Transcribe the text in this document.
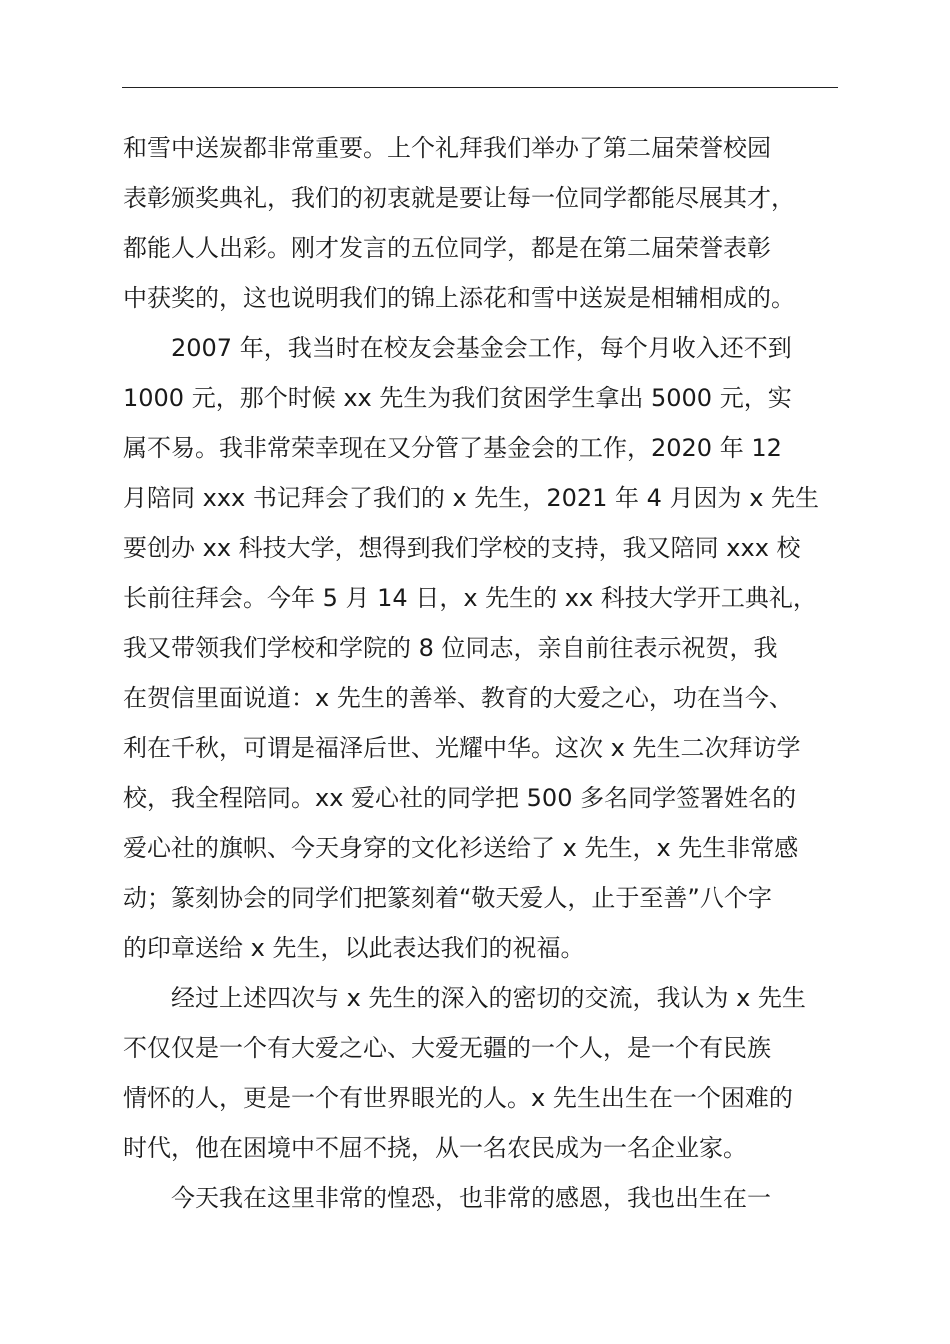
和雪中送炭都非常重要。上个礼拜我们举办了第二届荣誉校园
表彰颁奖典礼，我们的初衷就是要让每一位同学都能尽展其才，
都能人人出彩。刚才发言的五位同学，都是在第二届荣誉表彰
中获奖的，这也说明我们的锦上添花和雪中送炭是相辅相成的。
　　2007 年，我当时在校友会基金会工作，每个月收入还不到
1000 元，那个时候 xx 先生为我们贫困学生拿出 5000 元，实
属不易。我非常荣幸现在又分管了基金会的工作，2020 年 12
月陪同 xxx 书记拜会了我们的 x 先生，2021 年 4 月因为 x 先生
要创办 xx 科技大学，想得到我们学校的支持，我又陪同 xxx 校
长前往拜会。今年 5 月 14 日，x 先生的 xx 科技大学开工典礼，
我又带领我们学校和学院的 8 位同志，亲自前往表示祝贺，我
在贺信里面说道：x 先生的善举、教育的大爱之心，功在当今、
利在千秋，可谓是福泽后世、光耀中华。这次 x 先生二次拜访学
校，我全程陪同。xx 爱心社的同学把 500 多名同学签署姓名的
爱心社的旗帜、今天身穿的文化衫送给了 x 先生，x 先生非常感
动；篆刻协会的同学们把篆刻着“敬天爱人，止于至善”八个字
的印章送给 x 先生，以此表达我们的祝福。
　　经过上述四次与 x 先生的深入的密切的交流，我认为 x 先生
不仅仅是一个有大爱之心、大爱无疆的一个人，是一个有民族
情怀的人，更是一个有世界眼光的人。x 先生出生在一个困难的
时代，他在困境中不屈不挠，从一名农民成为一名企业家。
　　今天我在这里非常的惶恐，也非常的感恩，我也出生在一
